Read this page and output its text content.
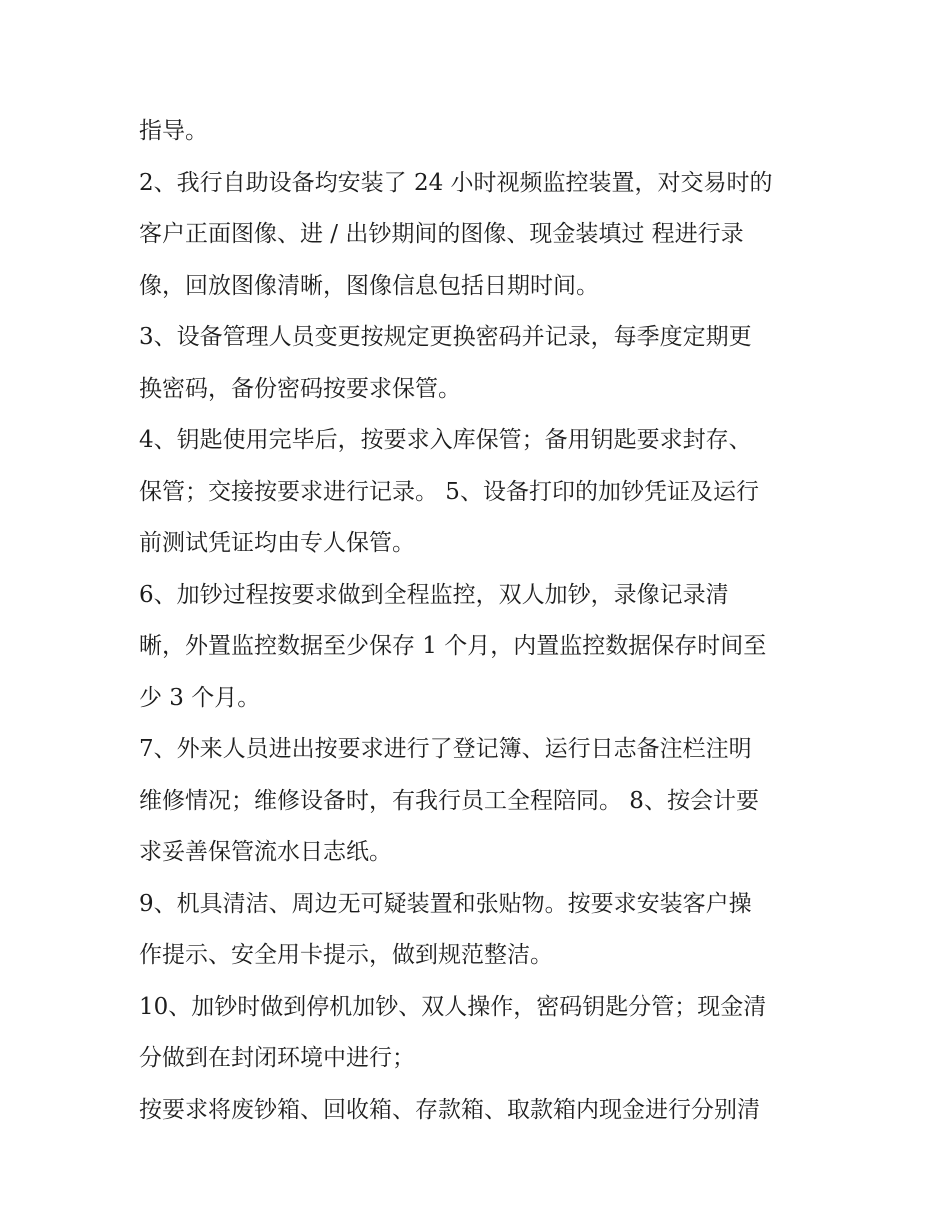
指导。
2、我行自助设备均安装了 24 小时视频监控装置，对交易时的
客户正面图像、进 / 出钞期间的图像、现金装填过 程进行录
像，回放图像清晰，图像信息包括日期时间。
3、设备管理人员变更按规定更换密码并记录，每季度定期更
换密码，备份密码按要求保管。
4、钥匙使用完毕后，按要求入库保管；备用钥匙要求封存、
保管；交接按要求进行记录。 5、设备打印的加钞凭证及运行
前测试凭证均由专人保管。
6、加钞过程按要求做到全程监控，双人加钞，录像记录清
晰，外置监控数据至少保存 1 个月，内置监控数据保存时间至
少 3 个月。
7、外来人员进出按要求进行了登记簿、运行日志备注栏注明
维修情况；维修设备时，有我行员工全程陪同。 8、按会计要
求妥善保管流水日志纸。
9、机具清洁、周边无可疑装置和张贴物。按要求安装客户操
作提示、安全用卡提示，做到规范整洁。
10、加钞时做到停机加钞、双人操作，密码钥匙分管；现金清
分做到在封闭环境中进行；
按要求将废钞箱、回收箱、存款箱、取款箱内现金进行分别清
